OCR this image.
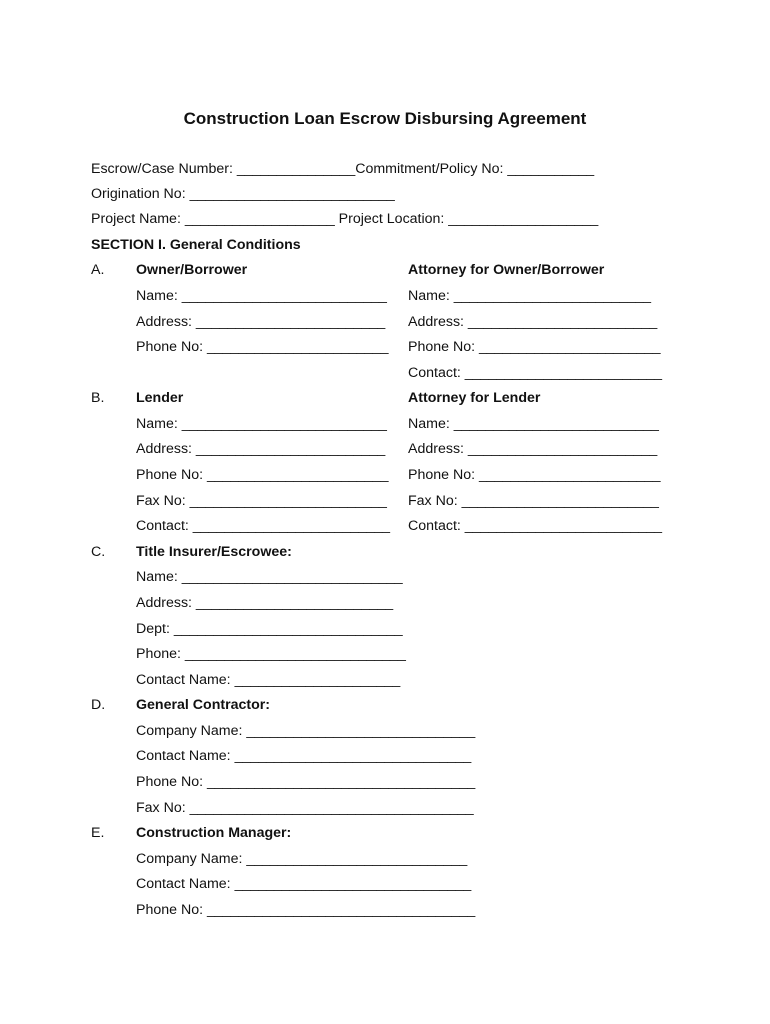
Construction Loan Escrow Disbursing Agreement
Escrow/Case Number: _______________Commitment/Policy No: ___________
Origination No: __________________________
Project Name: ___________________ Project Location: ___________________
SECTION I. General Conditions
A. Owner/Borrower	Attorney for Owner/Borrower
Name: __________________________
Address: ________________________
Phone No: _______________________
Name: _________________________
Address: ________________________
Phone No: _______________________
Contact: _________________________
B. Lender	Attorney for Lender
Name: __________________________
Address: ________________________
Phone No: _______________________
Fax No: _________________________
Contact: _________________________
Name: __________________________
Address: ________________________
Phone No: _______________________
Fax No: _________________________
Contact: _________________________
C. Title Insurer/Escrowee:
Name: ____________________________
Address: _________________________
Dept: _____________________________
Phone: ____________________________
Contact Name: _____________________
D. General Contractor:
Company Name: _____________________________
Contact Name: ______________________________
Phone No: __________________________________
Fax No: ____________________________________
E. Construction Manager:
Company Name: ____________________________
Contact Name: ______________________________
Phone No: __________________________________
